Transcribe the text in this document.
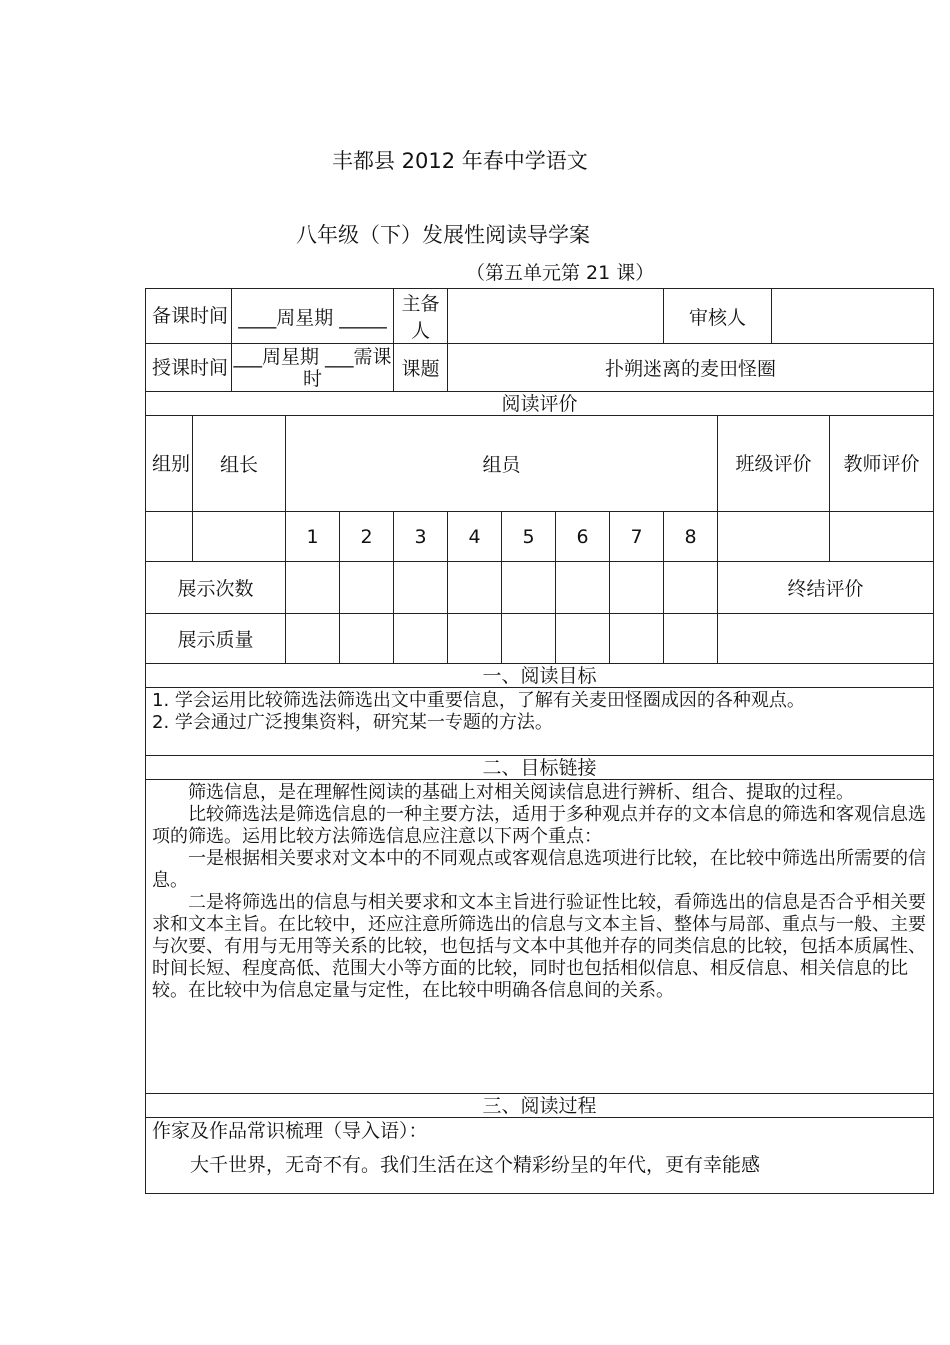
丰都县 2012 年春中学语文
八年级（下）发展性阅读导学案
（第五单元第 21 课）
备课时间		____周星期 _____			主备人					审核人			
授课时间		___周星期 ___需课时			课题	扑朔迷离的麦田怪圈							
阅读评价													
组别	组长		组员								班级评价		教师评价
			1	2	3	4	5	6	7	8			
展示次数											终结评价		
展示质量													
一、阅读目标													

1. 学会运用比较筛选法筛选出文中重要信息，了解有关麦田怪圈成因的各种观点。

2. 学会通过广泛搜集资料，研究某一专题的方法。													

二、目标链接													

筛选信息，是在理解性阅读的基础上对相关阅读信息进行辨析、组合、提取的过程。

比较筛选法是筛选信息的一种主要方法，适用于多种观点并存的文本信息的筛选和客观信息选项的筛选。运用比较方法筛选信息应注意以下两个重点：

一是根据相关要求对文本中的不同观点或客观信息选项进行比较，在比较中筛选出所需要的信息。

二是将筛选出的信息与相关要求和文本主旨进行验证性比较，看筛选出的信息是否合乎相关要求和文本主旨。在比较中，还应注意所筛选出的信息与文本主旨、整体与局部、重点与一般、主要与次要、有用与无用等关系的比较，也包括与文本中其他并存的同类信息的比较，包括本质属性、时间长短、程度高低、范围大小等方面的比较，同时也包括相似信息、相反信息、相关信息的比较。在比较中为信息定量与定性，在比较中明确各信息间的关系。													

三、阅读过程													

作家及作品常识梳理（导入语）：

大千世界，无奇不有。我们生活在这个精彩纷呈的年代，更有幸能感													
